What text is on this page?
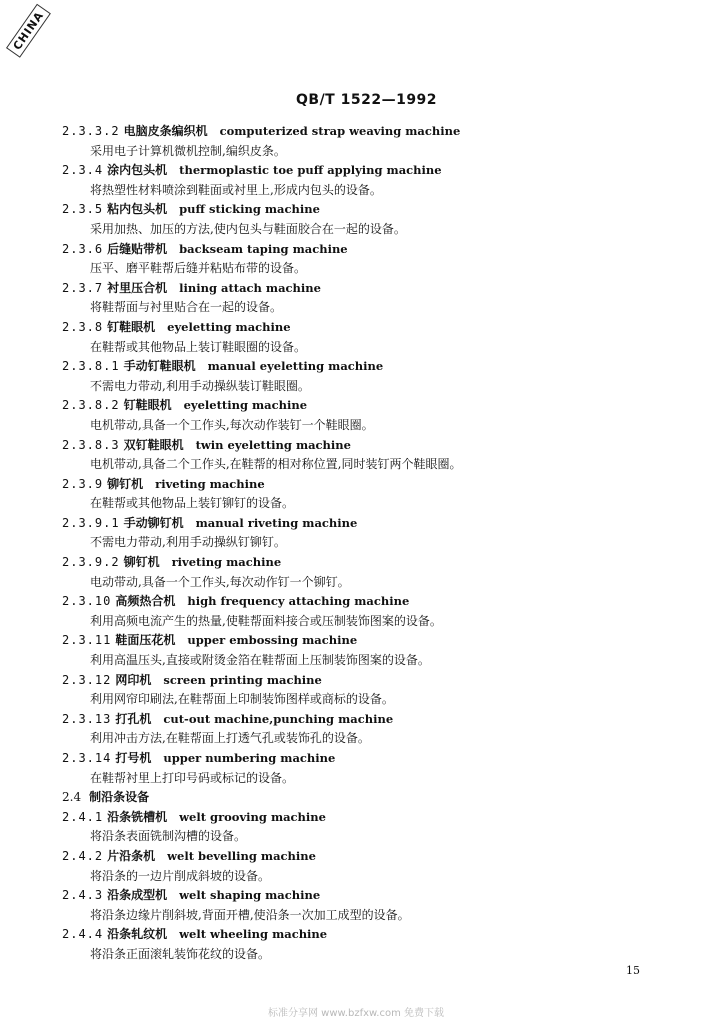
CHINA
QB/T 1522—1992
2.3.3.2 电脑皮条编织机 computerized strap weaving machine
采用电子计算机微机控制,编织皮条。
2.3.4 涂内包头机 thermoplastic toe puff applying machine
将热塑性材料喷涂到鞋面或衬里上,形成内包头的设备。
2.3.5 粘内包头机 puff sticking machine
采用加热、加压的方法,使内包头与鞋面胶合在一起的设备。
2.3.6 后缝贴带机 backseam taping machine
压平、磨平鞋帮后缝并粘贴布带的设备。
2.3.7 衬里压合机 lining attach machine
将鞋帮面与衬里贴合在一起的设备。
2.3.8 钉鞋眼机 eyeletting machine
在鞋帮或其他物品上装订鞋眼圈的设备。
2.3.8.1 手动钉鞋眼机 manual eyeletting machine
不需电力带动,利用手动操纵装订鞋眼圈。
2.3.8.2 钉鞋眼机 eyeletting machine
电机带动,具备一个工作头,每次动作装钉一个鞋眼圈。
2.3.8.3 双钉鞋眼机 twin eyeletting machine
电机带动,具备二个工作头,在鞋帮的相对称位置,同时装钉两个鞋眼圈。
2.3.9 铆钉机 riveting machine
在鞋帮或其他物品上装钉铆钉的设备。
2.3.9.1 手动铆钉机 manual riveting machine
不需电力带动,利用手动操纵钉铆钉。
2.3.9.2 铆钉机 riveting machine
电动带动,具备一个工作头,每次动作钉一个铆钉。
2.3.10 高频热合机 high frequency attaching machine
利用高频电流产生的热量,使鞋帮面料接合或压制装饰图案的设备。
2.3.11 鞋面压花机 upper embossing machine
利用高温压头,直接或附烫金箔在鞋帮面上压制装饰图案的设备。
2.3.12 网印机 screen printing machine
利用网帘印刷法,在鞋帮面上印制装饰图样或商标的设备。
2.3.13 打孔机 cut-out machine,punching machine
利用冲击方法,在鞋帮面上打透气孔或装饰孔的设备。
2.3.14 打号机 upper numbering machine
在鞋帮衬里上打印号码或标记的设备。
2.4 制沿条设备
2.4.1 沿条铣槽机 welt grooving machine
将沿条表面铣制沟槽的设备。
2.4.2 片沿条机 welt bevelling machine
将沿条的一边片削成斜坡的设备。
2.4.3 沿条成型机 welt shaping machine
将沿条边缘片削斜坡,背面开槽,使沿条一次加工成型的设备。
2.4.4 沿条轧纹机 welt wheeling machine
将沿条正面滚轧装饰花纹的设备。
15
标准分享网 www.bzfxw.com 免费下载
